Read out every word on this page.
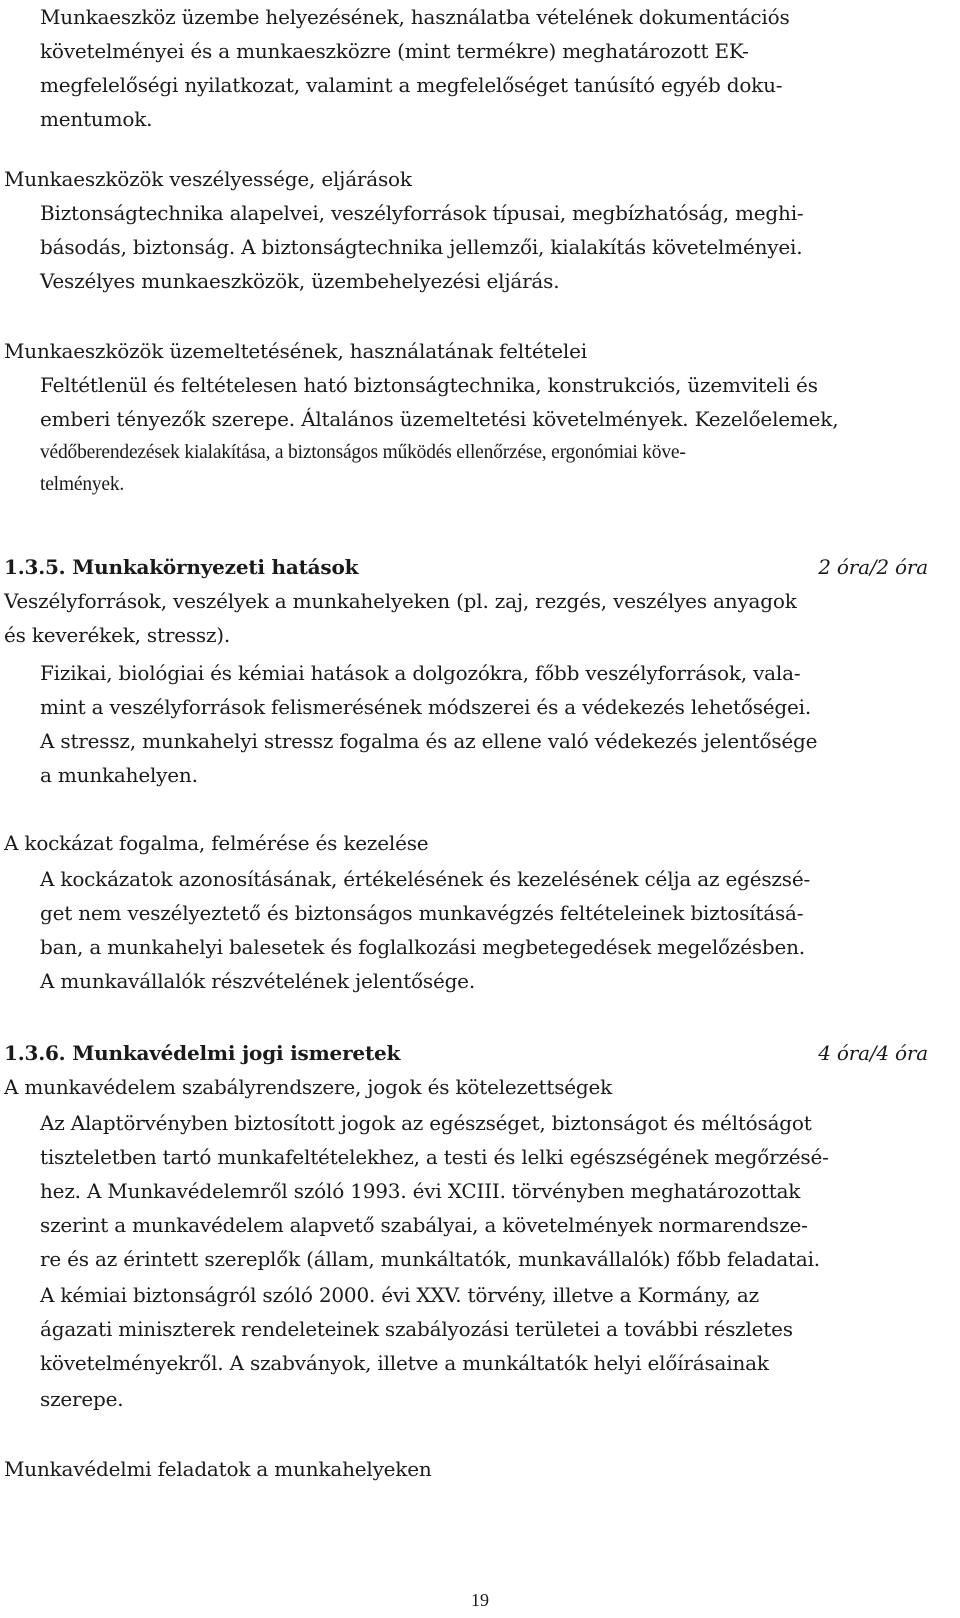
Munkaeszköz üzembe helyezésének, használatba vételének dokumentációs
követelményei és a munkaeszközre (mint termékre) meghatározott EK-
megfelelőségi nyilatkozat, valamint a megfelelőséget tanúsító egyéb doku-
mentumok.
Munkaeszközök veszélyessége, eljárások
Biztonságtechnika alapelvei, veszélyforrások típusai, megbízhatóság, meghi-
básodás, biztonság. A biztonságtechnika jellemzői, kialakítás követelményei.
Veszélyes munkaeszközök, üzembehelyezési eljárás.
Munkaeszközök üzemeltetésének, használatának feltételei
Feltétlenül és feltételesen ható biztonságtechnika, konstrukciós, üzemviteli és
emberi tényezők szerepe. Általános üzemeltetési követelmények. Kezelőelemek,
védőberendezések kialakítása, a biztonságos működés ellenőrzése, ergonómiai köve-
telmények.
1.3.5. Munkakörnyezeti hatások	2 óra/2 óra
Veszélyforrások, veszélyek a munkahelyeken (pl. zaj, rezgés, veszélyes anyagok
és keverékek, stressz).
Fizikai, biológiai és kémiai hatások a dolgozókra, főbb veszélyforrások, vala-
mint a veszélyforrások felismerésének módszerei és a védekezés lehetőségei.
A stressz, munkahelyi stressz fogalma és az ellene való védekezés jelentősége
a munkahelyen.
A kockázat fogalma, felmérése és kezelése
A kockázatok azonosításának, értékelésének és kezelésének célja az egészsé-
get nem veszélyeztető és biztonságos munkavégzés feltételeinek biztosításá-
ban, a munkahelyi balesetek és foglalkozási megbetegedések megelőzésben.
A munkavállalók részvételének jelentősége.
1.3.6. Munkavédelmi jogi ismeretek	4 óra/4 óra
A munkavédelem szabályrendszere, jogok és kötelezettségek
Az Alaptörvényben biztosított jogok az egészséget, biztonságot és méltóságot
tiszteletben tartó munkafeltételekhez, a testi és lelki egészségének megőrzésé-
hez. A Munkavédelemről szóló 1993. évi XCIII. törvényben meghatározottak
szerint a munkavédelem alapvető szabályai, a követelmények normarendsze-
re és az érintett szereplők (állam, munkáltatók, munkavállalók) főbb feladatai.
A kémiai biztonságról szóló 2000. évi XXV. törvény, illetve a Kormány, az
ágazati miniszterek rendeleteinek szabályozási területei a további részletes
követelményekről. A szabványok, illetve a munkáltatók helyi előírásainak
szerepe.
Munkavédelmi feladatok a munkahelyeken
19
